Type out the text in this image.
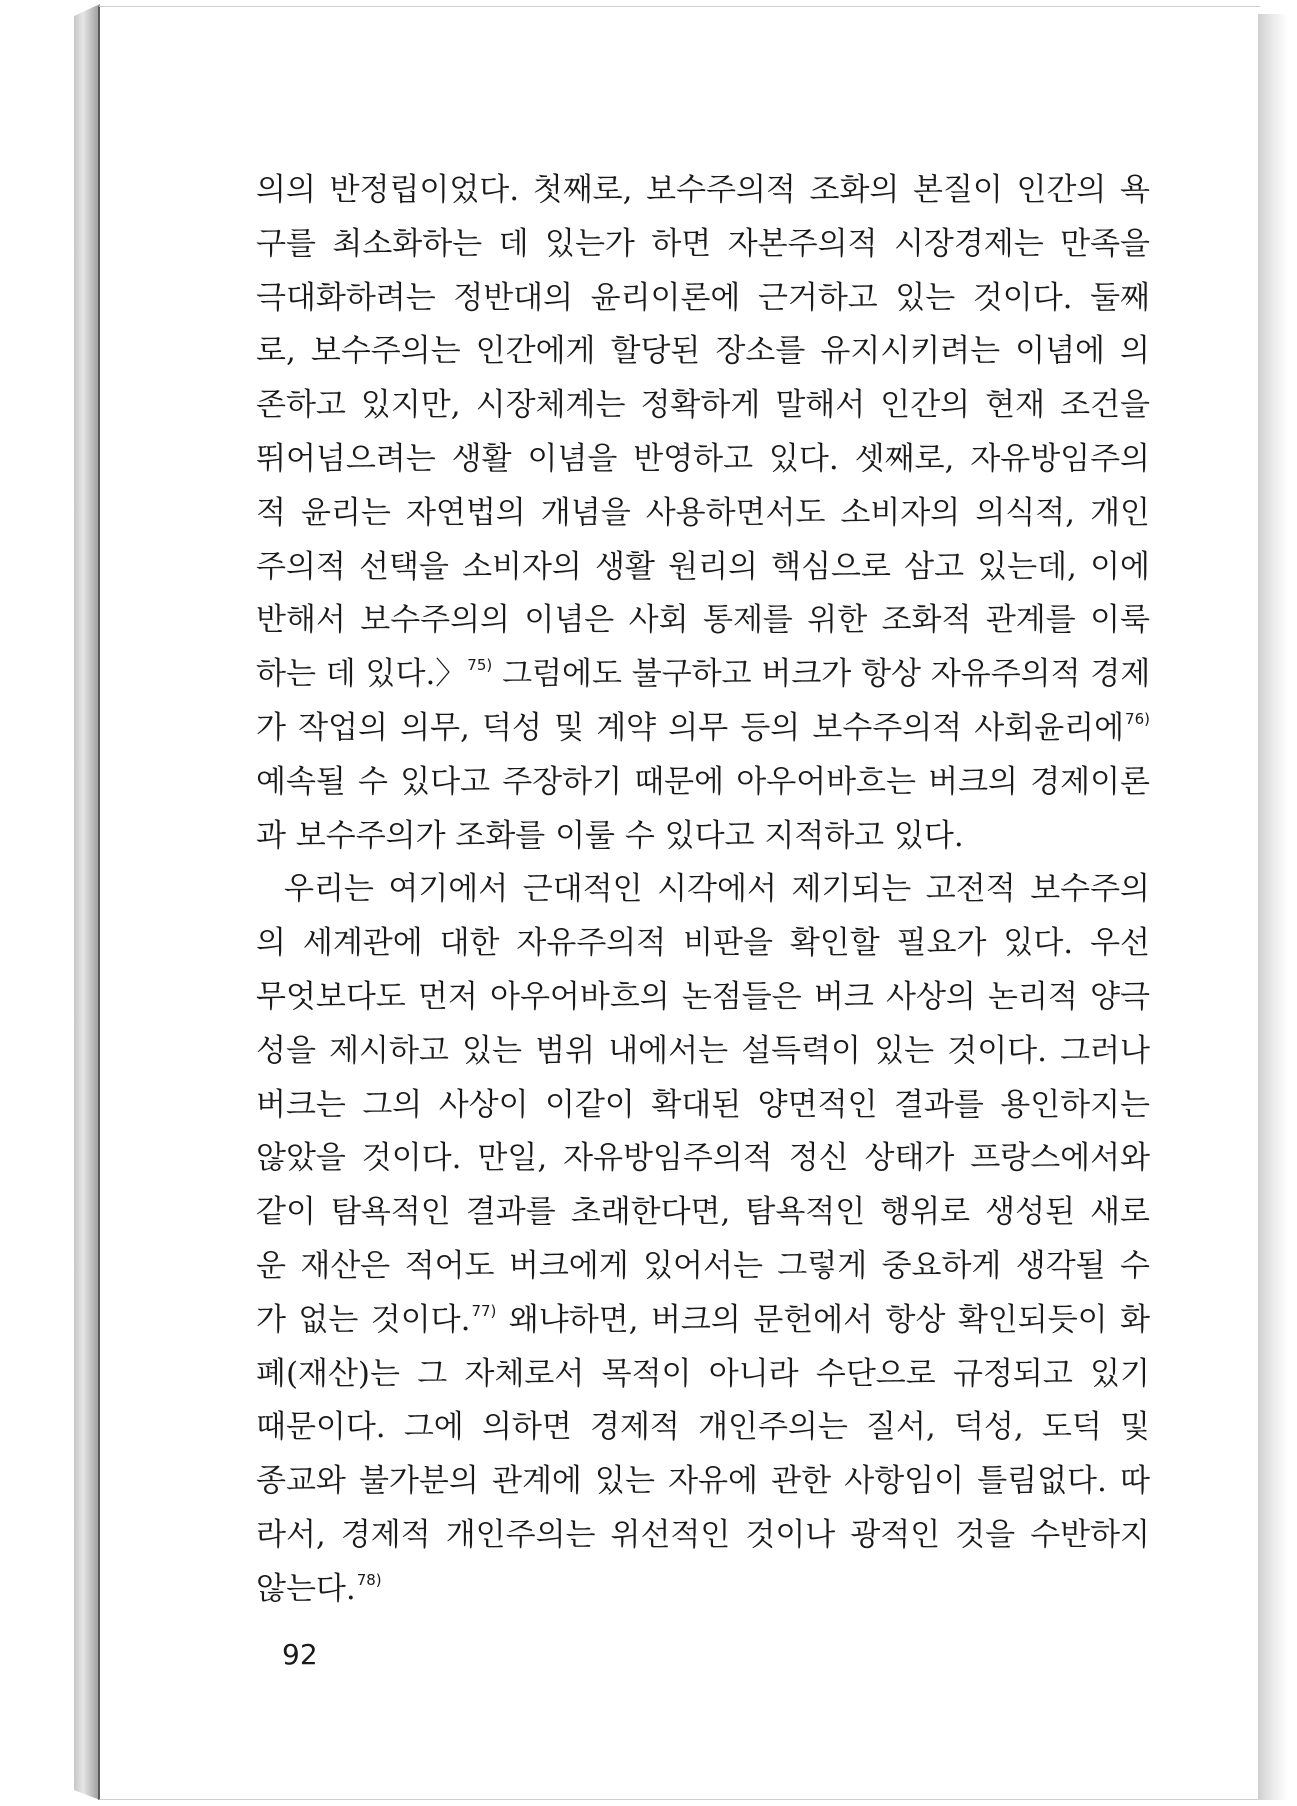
의의 반정립이었다. 첫째로, 보수주의적 조화의 본질이 인간의 욕
구를 최소화하는 데 있는가 하면 자본주의적 시장경제는 만족을
극대화하려는 정반대의 윤리이론에 근거하고 있는 것이다. 둘째
로, 보수주의는 인간에게 할당된 장소를 유지시키려는 이념에 의
존하고 있지만, 시장체계는 정확하게 말해서 인간의 현재 조건을
뛰어넘으려는 생활 이념을 반영하고 있다. 셋째로, 자유방임주의
적 윤리는 자연법의 개념을 사용하면서도 소비자의 의식적, 개인
주의적 선택을 소비자의 생활 원리의 핵심으로 삼고 있는데, 이에
반해서 보수주의의 이념은 사회 통제를 위한 조화적 관계를 이룩
하는 데 있다.〉$^{75)}$ 그럼에도 불구하고 버크가 항상 자유주의적 경제
가 작업의 의무, 덕성 및 계약 의무 등의 보수주의적 사회윤리에$^{76)}$
예속될 수 있다고 주장하기 때문에 아우어바흐는 버크의 경제이론
과 보수주의가 조화를 이룰 수 있다고 지적하고 있다.
우리는 여기에서 근대적인 시각에서 제기되는 고전적 보수주의
의 세계관에 대한 자유주의적 비판을 확인할 필요가 있다. 우선
무엇보다도 먼저 아우어바흐의 논점들은 버크 사상의 논리적 양극
성을 제시하고 있는 범위 내에서는 설득력이 있는 것이다. 그러나
버크는 그의 사상이 이같이 확대된 양면적인 결과를 용인하지는
않았을 것이다. 만일, 자유방임주의적 정신 상태가 프랑스에서와
같이 탐욕적인 결과를 초래한다면, 탐욕적인 행위로 생성된 새로
운 재산은 적어도 버크에게 있어서는 그렇게 중요하게 생각될 수
가 없는 것이다.$^{77)}$ 왜냐하면, 버크의 문헌에서 항상 확인되듯이 화
폐(재산)는 그 자체로서 목적이 아니라 수단으로 규정되고 있기
때문이다. 그에 의하면 경제적 개인주의는 질서, 덕성, 도덕 및
종교와 불가분의 관계에 있는 자유에 관한 사항임이 틀림없다. 따
라서, 경제적 개인주의는 위선적인 것이나 광적인 것을 수반하지
않는다.$^{78)}$
92
